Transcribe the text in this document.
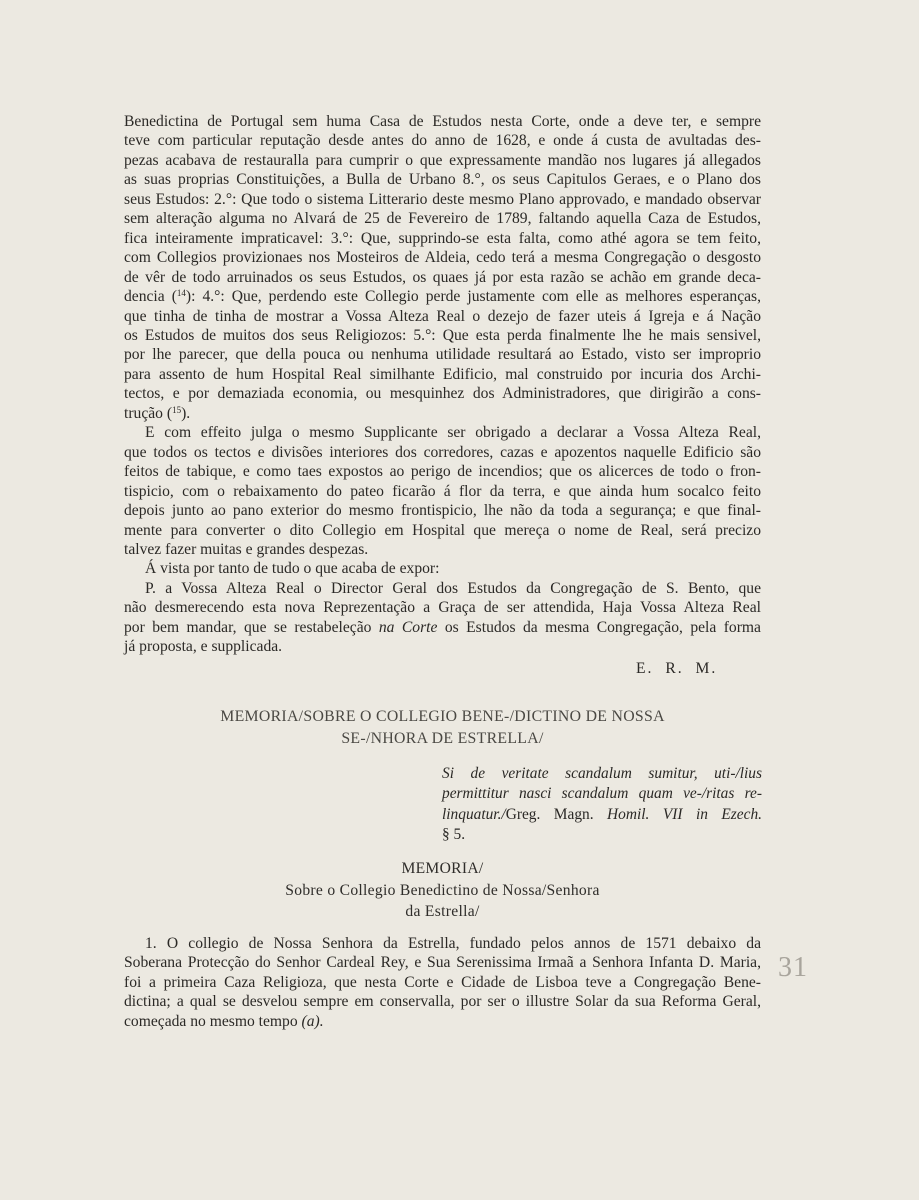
Benedictina de Portugal sem huma Casa de Estudos nesta Corte, onde a deve ter, e sempre
teve com particular reputação desde antes do anno de 1628, e onde á custa de avultadas des-
pezas acabava de restauralla para cumprir o que expressamente mandão nos lugares já allegados
as suas proprias Constituições, a Bulla de Urbano 8.°, os seus Capitulos Geraes, e o Plano dos
seus Estudos: 2.°: Que todo o sistema Litterario deste mesmo Plano approvado, e mandado observar
sem alteração alguma no Alvará de 25 de Fevereiro de 1789, faltando aquella Caza de Estudos,
fica inteiramente impraticavel: 3.°: Que, supprindo-se esta falta, como athé agora se tem feito,
com Collegios provizionaes nos Mosteiros de Aldeia, cedo terá a mesma Congregação o desgosto
de vêr de todo arruinados os seus Estudos, os quaes já por esta razão se achão em grande deca-
dencia ($^{14}$): 4.°: Que, perdendo este Collegio perde justamente com elle as melhores esperanças,
que tinha de tinha de mostrar a Vossa Alteza Real o dezejo de fazer uteis á Igreja e á Nação
os Estudos de muitos dos seus Religiozos: 5.°: Que esta perda finalmente lhe he mais sensivel,
por lhe parecer, que della pouca ou nenhuma utilidade resultará ao Estado, visto ser improprio
para assento de hum Hospital Real similhante Edificio, mal construido por incuria dos Archi-
tectos, e por demaziada economia, ou mesquinhez dos Administradores, que dirigirão a cons-
trução ($^{15}$).

E com effeito julga o mesmo Supplicante ser obrigado a declarar a Vossa Alteza Real,
que todos os tectos e divisões interiores dos corredores, cazas e apozentos naquelle Edificio são
feitos de tabique, e como taes expostos ao perigo de incendios; que os alicerces de todo o fron-
tispicio, com o rebaixamento do pateo ficarão á flor da terra, e que ainda hum socalco feito
depois junto ao pano exterior do mesmo frontispicio, lhe não da toda a segurança; e que final-
mente para converter o dito Collegio em Hospital que mereça o nome de Real, será precizo
talvez fazer muitas e grandes despezas.

Á vista por tanto de tudo o que acaba de expor:

P. a Vossa Alteza Real o Director Geral dos Estudos da Congregação de S. Bento, que
não desmerecendo esta nova Reprezentação a Graça de ser attendida, Haja Vossa Alteza Real
por bem mandar, que se restabeleção na Corte os Estudos da mesma Congregação, pela forma
já proposta, e supplicada.

E. R. M.
MEMORIA/SOBRE O COLLEGIO BENE-/DICTINO DE NOSSA
SE-/NHORA DE ESTRELLA/
Si de veritate scandalum sumitur, uti-/lius
permittitur nasci scandalum quam ve-/ritas re-
linquatur./Greg. Magn. Homil. VII in Ezech.
§ 5.
MEMORIA/
Sobre o Collegio Benedictino de Nossa/Senhora
da Estrella/

1. O collegio de Nossa Senhora da Estrella, fundado pelos annos de 1571 debaixo da
Soberana Protecção do Senhor Cardeal Rey, e Sua Serenissima Irmaã a Senhora Infanta D. Maria,
foi a primeira Caza Religioza, que nesta Corte e Cidade de Lisboa teve a Congregação Bene-
dictina; a qual se desvelou sempre em conservalla, por ser o illustre Solar da sua Reforma Geral,
começada no mesmo tempo (a).

31
